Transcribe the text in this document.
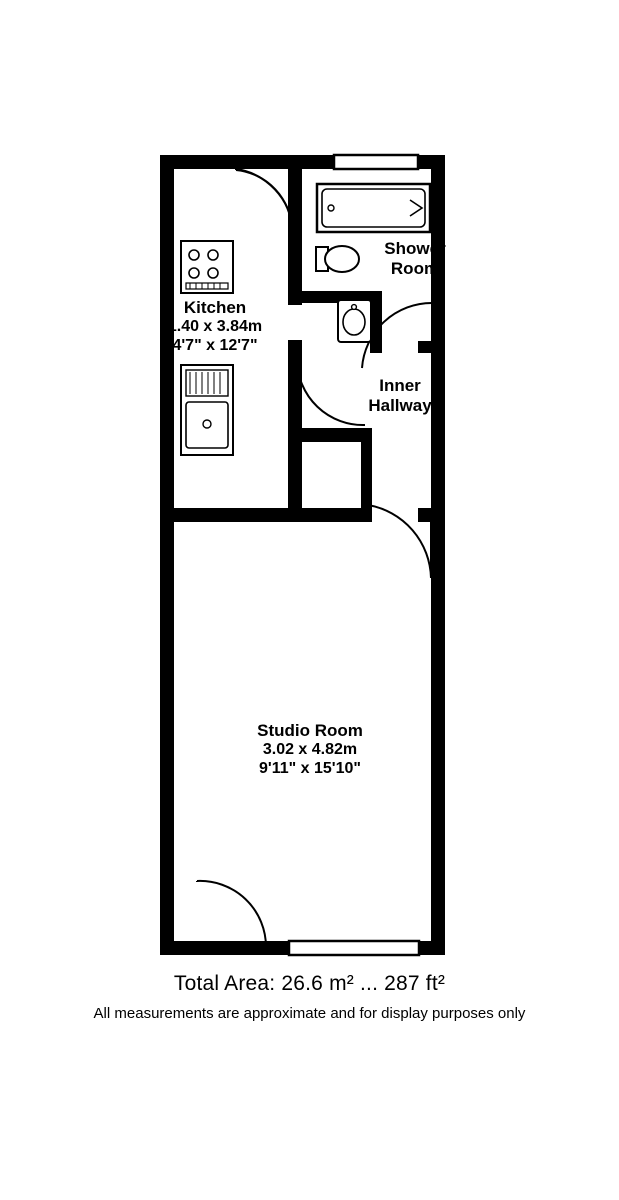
Kitchen
1.40 x 3.84m
4'7" x 12'7"
Shower
Room
Inner
Hallway
Studio Room
3.02 x 4.82m
9'11" x 15'10"
Total Area: 26.6 m² ... 287 ft²
All measurements are approximate and for display purposes only
